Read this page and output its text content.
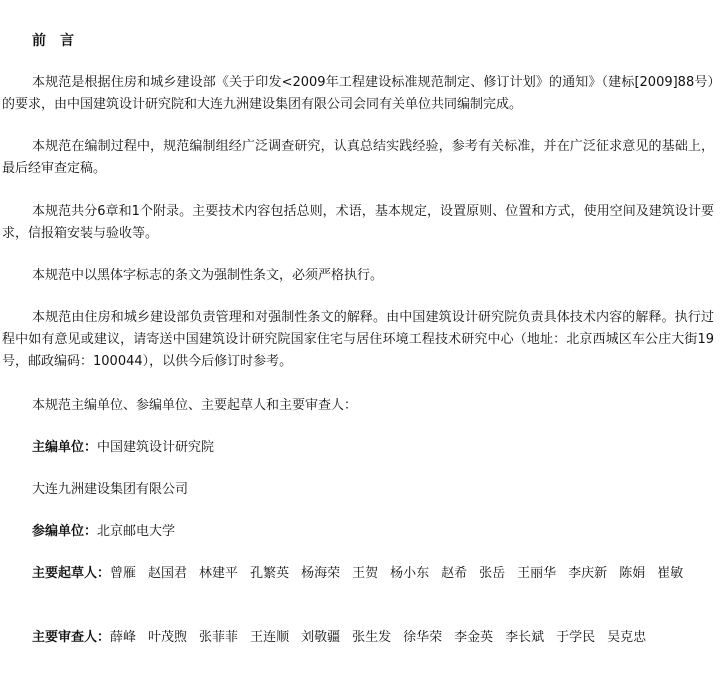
前 言

本规范是根据住房和城乡建设部《关于印发<2009年工程建设标准规范制定、修订计划》的通知》（建标[2009]88号）的要求，由中国建筑设计研究院和大连九洲建设集团有限公司会同有关单位共同编制完成。

本规范在编制过程中，规范编制组经广泛调查研究，认真总结实践经验，参考有关标准，并在广泛征求意见的基础上，最后经审查定稿。

本规范共分6章和1个附录。主要技术内容包括总则，术语，基本规定，设置原则、位置和方式，使用空间及建筑设计要求，信报箱安装与验收等。

本规范中以黑体字标志的条文为强制性条文，必须严格执行。

本规范由住房和城乡建设部负责管理和对强制性条文的解释。由中国建筑设计研究院负责具体技术内容的解释。执行过程中如有意见或建议，请寄送中国建筑设计研究院国家住宅与居住环境工程技术研究中心（地址：北京西城区车公庄大街19号，邮政编码：100044），以供今后修订时参考。

本规范主编单位、参编单位、主要起草人和主要审查人：

主编单位：中国建筑设计研究院
大连九洲建设集团有限公司
参编单位：北京邮电大学
主要起草人：曾雁 赵国君 林建平 孔繁英 杨海荣 王贺 杨小东 赵希 张岳 王丽华 李庆新 陈娟 崔敏
主要审查人：薛峰 叶茂煦 张菲菲 王连顺 刘敬疆 张生发 徐华荣 李金英 李长斌 于学民 吴克忠
